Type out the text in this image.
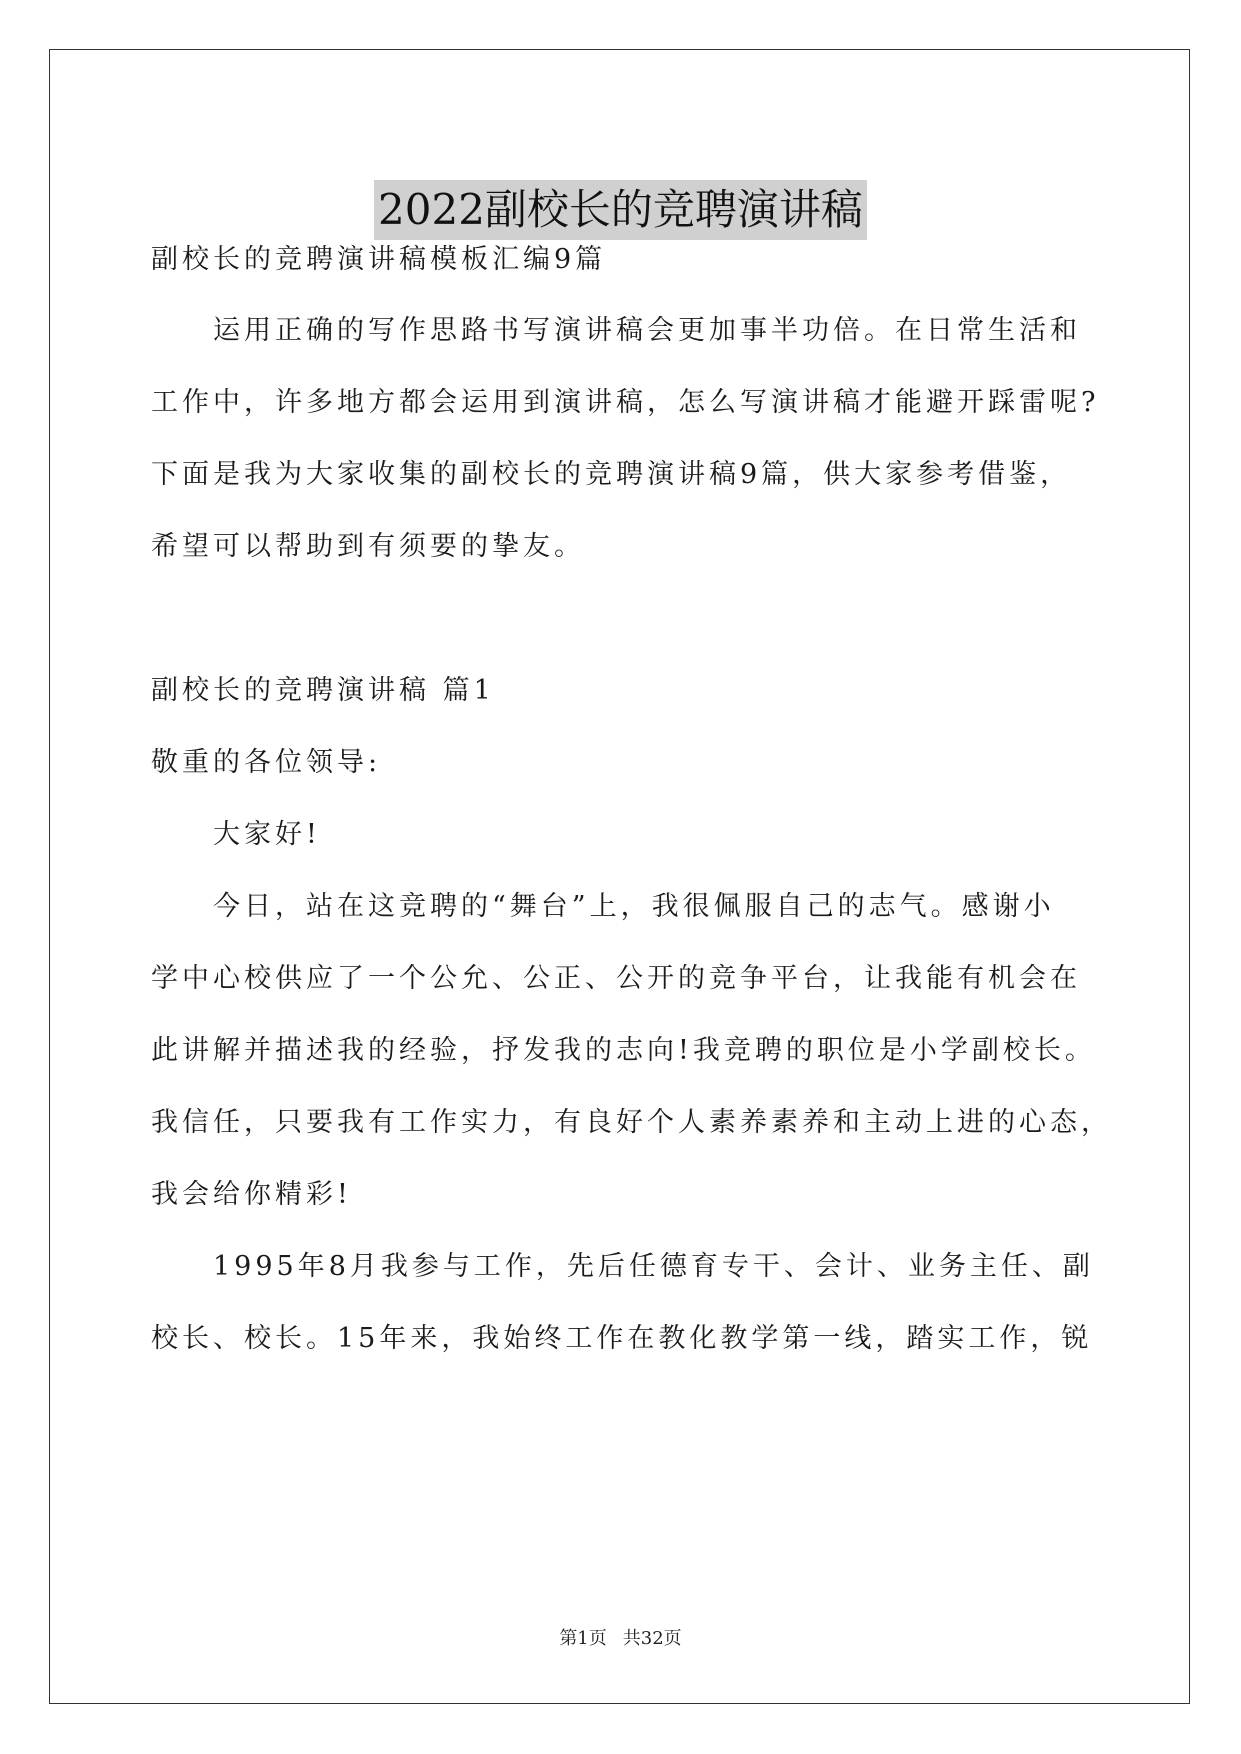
2022副校长的竞聘演讲稿
副校长的竞聘演讲稿模板汇编9篇
运用正确的写作思路书写演讲稿会更加事半功倍。在日常生活和
工作中，许多地方都会运用到演讲稿，怎么写演讲稿才能避开踩雷呢?
下面是我为大家收集的副校长的竞聘演讲稿9篇，供大家参考借鉴，
希望可以帮助到有须要的挚友。
副校长的竞聘演讲稿 篇1
敬重的各位领导:
大家好!
今日，站在这竞聘的“舞台”上，我很佩服自己的志气。感谢小
学中心校供应了一个公允、公正、公开的竞争平台，让我能有机会在
此讲解并描述我的经验，抒发我的志向!我竞聘的职位是小学副校长。
我信任，只要我有工作实力，有良好个人素养素养和主动上进的心态，
我会给你精彩!
1995年8月我参与工作，先后任德育专干、会计、业务主任、副
校长、校长。15年来，我始终工作在教化教学第一线，踏实工作，锐
第1页 共32页
